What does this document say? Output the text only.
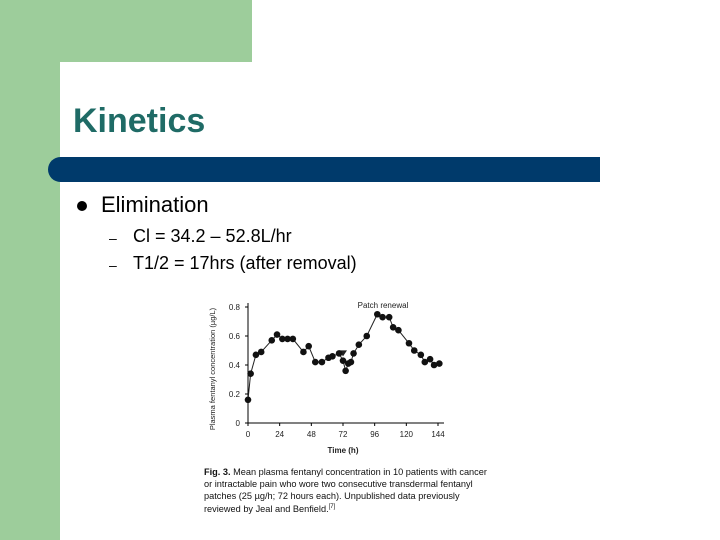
Kinetics
Elimination
– Cl = 34.2 – 52.8L/hr
– T1/2 = 17hrs (after removal)
0	24	48	72	96	120 144
0
0.2
0.4
0.6
0.8
Time (h)
Plasma fentanyl concentration (µg/L)
Patch renewal
Fig. 3. Mean plasma fentanyl concentration in 10 patients with cancer or intractable pain who wore two consecutive transdermal fentanyl patches (25 µg/h; 72 hours each). Unpublished data previously reviewed by Jeal and Benfield.[7]
